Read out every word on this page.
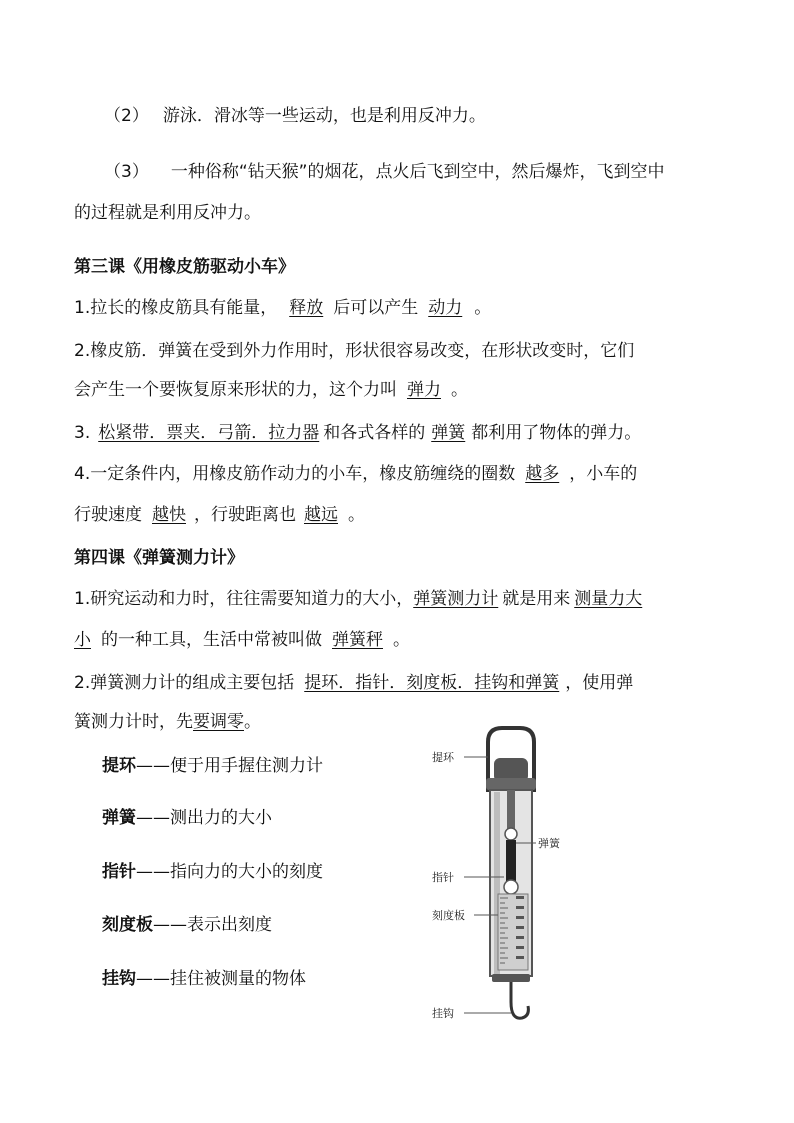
（2） 游泳．滑冰等一些运动，也是利用反冲力。
（3） 一种俗称“钻天猴”的烟花，点火后飞到空中，然后爆炸，飞到空中
的过程就是利用反冲力。
第三课《用橡皮筋驱动小车》
1.拉长的橡皮筋具有能量， 释放 后可以产生 动力 。
2.橡皮筋．弹簧在受到外力作用时，形状很容易改变，在形状改变时，它们
会产生一个要恢复原来形状的力，这个力叫 弹力 。
3. 松紧带．票夹．弓箭．拉力器 和各式各样的 弹簧 都利用了物体的弹力。
4.一定条件内，用橡皮筋作动力的小车，橡皮筋缠绕的圈数 越多 ，小车的
行驶速度 越快 ，行驶距离也 越远 。
第四课《弹簧测力计》
1.研究运动和力时，往往需要知道力的大小，弹簧测力计 就是用来 测量力大
小 的一种工具，生活中常被叫做 弹簧秤 。
2.弹簧测力计的组成主要包括 提环．指针．刻度板．挂钩和弹簧 ，使用弹
簧测力计时，先要调零。
提环——便于用手握住测力计
弹簧——测出力的大小
指针——指向力的大小的刻度
刻度板——表示出刻度
挂钩——挂住被测量的物体
提环
弹簧
指针
刻度板
挂钩
